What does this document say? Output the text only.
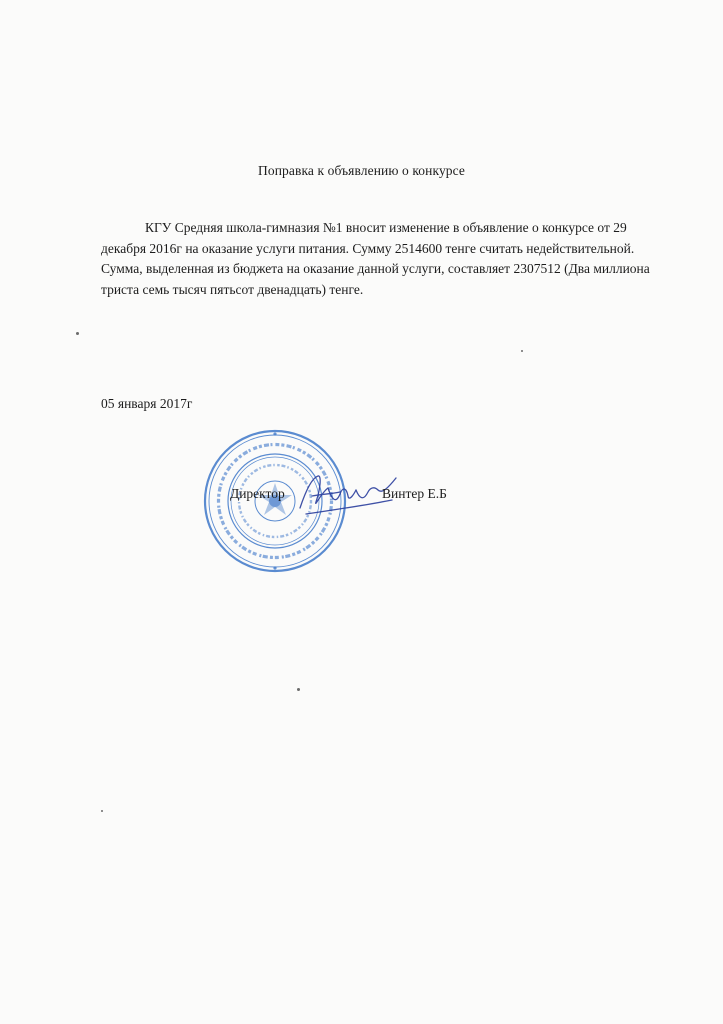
Поправка к объявлению о конкурсе
КГУ Средняя школа-гимназия №1 вносит изменение в объявление о конкурсе от 29
декабря 2016г на оказание услуги питания. Сумму 2514600 тенге считать недействительной.
Сумма, выделенная из бюджета на оказание данной услуги, составляет 2307512 (Два миллиона
триста семь тысяч пятьсот двенадцать) тенге.
05 января 2017г
Директор	Винтер Е.Б
